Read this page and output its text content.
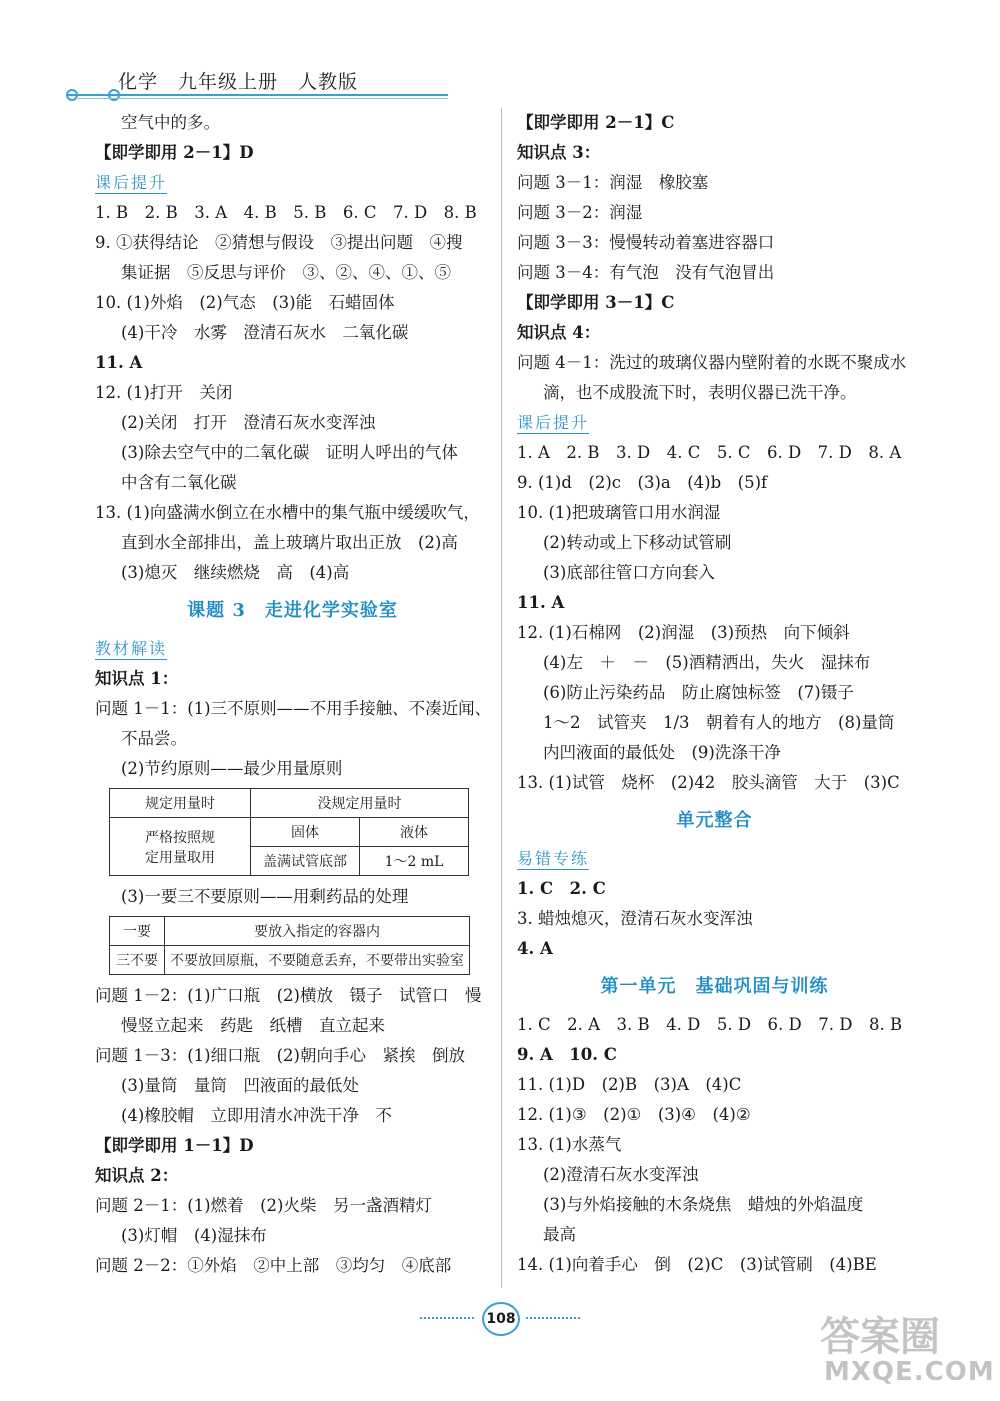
化学　九年级上册　人教版
空气中的多。
【即学即用 2－1】D
课后提升
1. B　2. B　3. A　4. B　5. B　6. C　7. D　8. B
9. ①获得结论　②猜想与假设　③提出问题　④搜
集证据　⑤反思与评价　③、②、④、①、⑤
10. (1)外焰　(2)气态　(3)能　石蜡固体
(4)干冷　水雾　澄清石灰水　二氧化碳
11. A
12. (1)打开　关闭
(2)关闭　打开　澄清石灰水变浑浊
(3)除去空气中的二氧化碳　证明人呼出的气体
中含有二氧化碳
13. (1)向盛满水倒立在水槽中的集气瓶中缓缓吹气，
直到水全部排出，盖上玻璃片取出正放　(2)高
(3)熄灭　继续燃烧　高　(4)高
课题 3　走进化学实验室
教材解读
知识点 1：
问题 1－1：(1)三不原则——不用手接触、不凑近闻、
不品尝。
(2)节约原则——最少用量原则
规定用量时	没规定用量时	

严格按照规
定用量取用	固体	液体
	盖满试管底部	1～2 mL
(3)一要三不要原则——用剩药品的处理
一要	要放入指定的容器内
三不要	不要放回原瓶，不要随意丢弃，不要带出实验室
问题 1－2：(1)广口瓶　(2)横放　镊子　试管口　慢
慢竖立起来　药匙　纸槽　直立起来
问题 1－3：(1)细口瓶　(2)朝向手心　紧挨　倒放
(3)量筒　量筒　凹液面的最低处
(4)橡胶帽　立即用清水冲洗干净　不
【即学即用 1－1】D
知识点 2：
问题 2－1：(1)燃着　(2)火柴　另一盏酒精灯
(3)灯帽　(4)湿抹布
问题 2－2：①外焰　②中上部　③均匀　④底部
【即学即用 2－1】C
知识点 3：
问题 3－1：润湿　橡胶塞
问题 3－2：润湿
问题 3－3：慢慢转动着塞进容器口
问题 3－4：有气泡　没有气泡冒出
【即学即用 3－1】C
知识点 4：
问题 4－1：洗过的玻璃仪器内壁附着的水既不聚成水
滴，也不成股流下时，表明仪器已洗干净。
课后提升
1. A　2. B　3. D　4. C　5. C　6. D　7. D　8. A
9. (1)d　(2)c　(3)a　(4)b　(5)f
10. (1)把玻璃管口用水润湿
(2)转动或上下移动试管刷
(3)底部往管口方向套入
11. A
12. (1)石棉网　(2)润湿　(3)预热　向下倾斜
(4)左　＋　－　(5)酒精洒出，失火　湿抹布
(6)防止污染药品　防止腐蚀标签　(7)镊子
1～2　试管夹　1/3　朝着有人的地方　(8)量筒
内凹液面的最低处　(9)洗涤干净
13. (1)试管　烧杯　(2)42　胶头滴管　大于　(3)C
单元整合
易错专练
1. C　2. C
3. 蜡烛熄灭，澄清石灰水变浑浊
4. A
第一单元　基础巩固与训练
1. C　2. A　3. B　4. D　5. D　6. D　7. D　8. B
9. A　10. C
11. (1)D　(2)B　(3)A　(4)C
12. (1)③　(2)①　(3)④　(4)②
13. (1)水蒸气
(2)澄清石灰水变浑浊
(3)与外焰接触的木条烧焦　蜡烛的外焰温度
最高
14. (1)向着手心　倒　(2)C　(3)试管刷　(4)BE
108	答案圈
MXQE.COM
